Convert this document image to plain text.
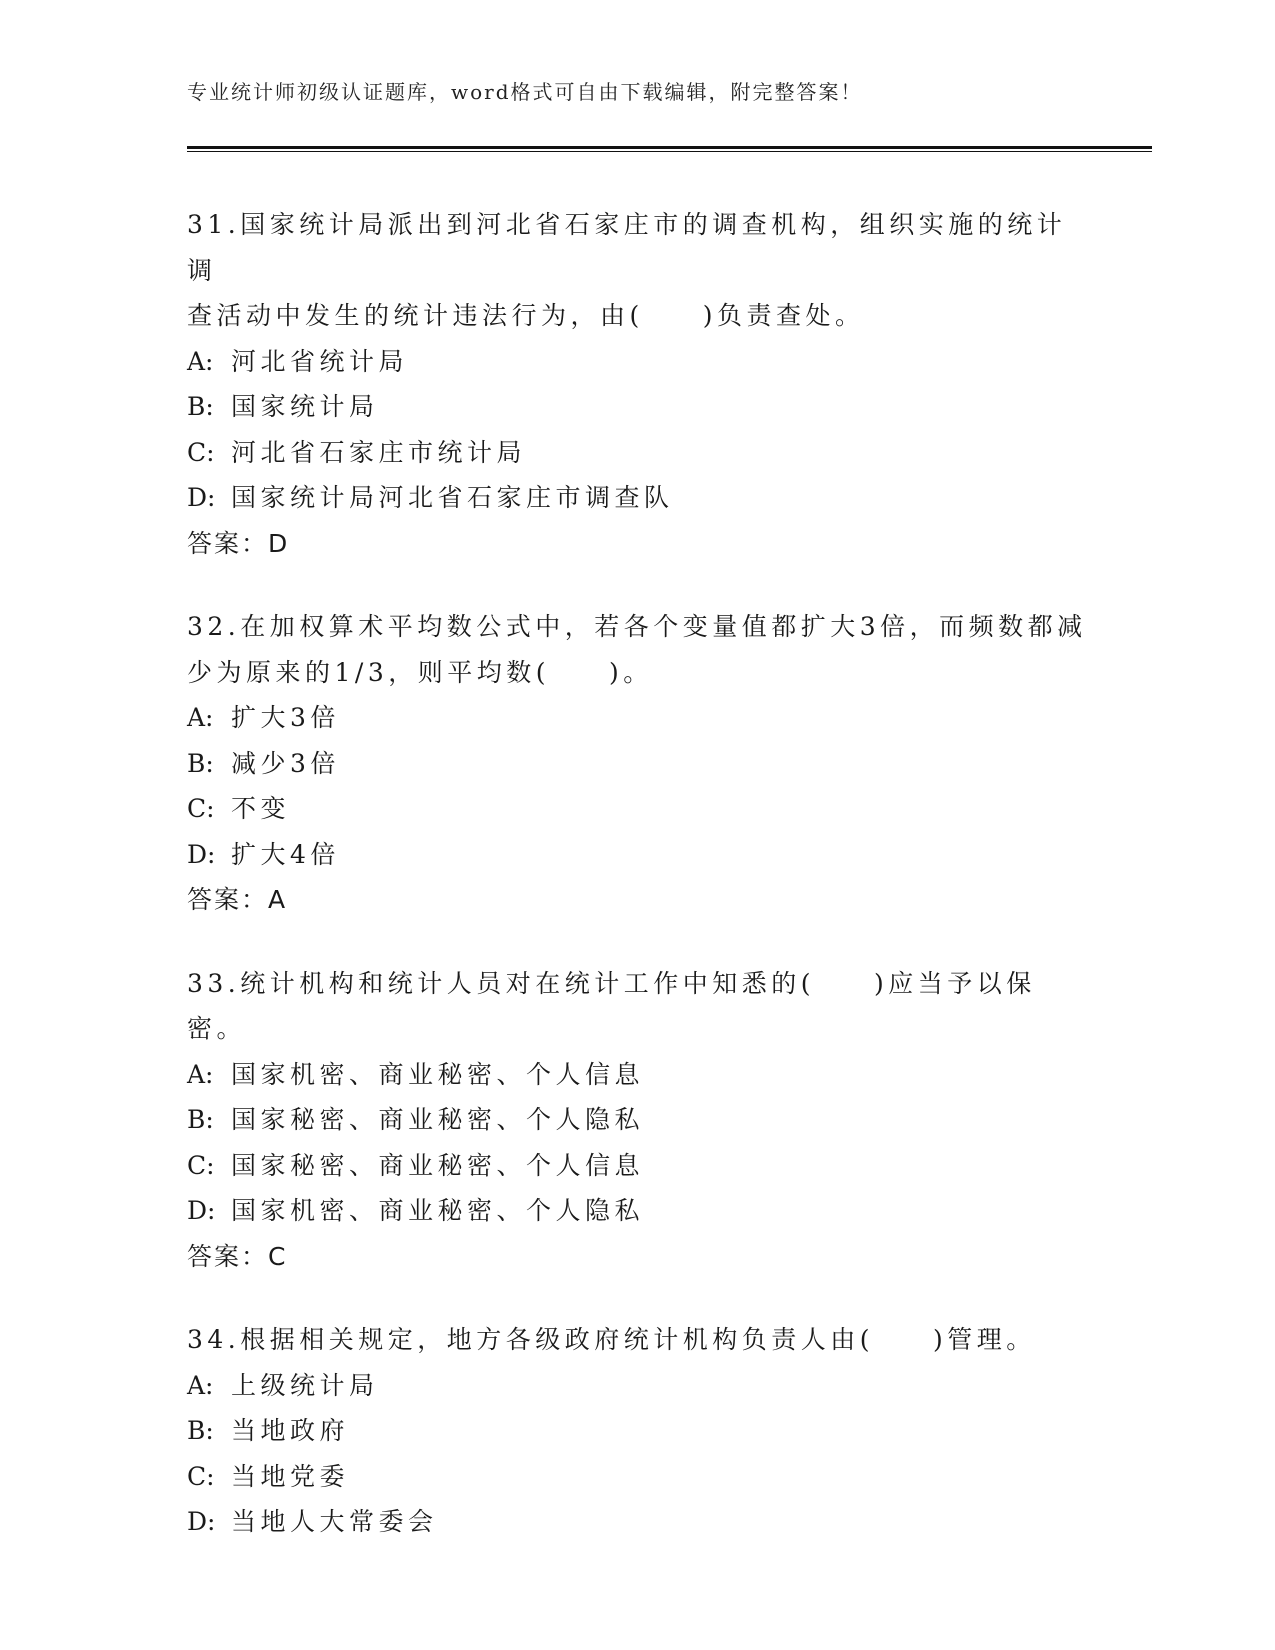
专业统计师初级认证题库，word格式可自由下载编辑，附完整答案！

31.国家统计局派出到河北省石家庄市的调查机构，组织实施的统计调

查活动中发生的统计违法行为，由(　　)负责查处。

A: 河北省统计局

B: 国家统计局

C: 河北省石家庄市统计局

D: 国家统计局河北省石家庄市调查队

答案：D

32.在加权算术平均数公式中，若各个变量值都扩大3倍，而频数都减

少为原来的1/3，则平均数(　　)。

A: 扩大3倍

B: 减少3倍

C: 不变

D: 扩大4倍

答案：A

33.统计机构和统计人员对在统计工作中知悉的(　　)应当予以保密。

A: 国家机密、商业秘密、个人信息

B: 国家秘密、商业秘密、个人隐私

C: 国家秘密、商业秘密、个人信息

D: 国家机密、商业秘密、个人隐私

答案：C

34.根据相关规定，地方各级政府统计机构负责人由(　　)管理。

A: 上级统计局

B: 当地政府

C: 当地党委

D: 当地人大常委会
